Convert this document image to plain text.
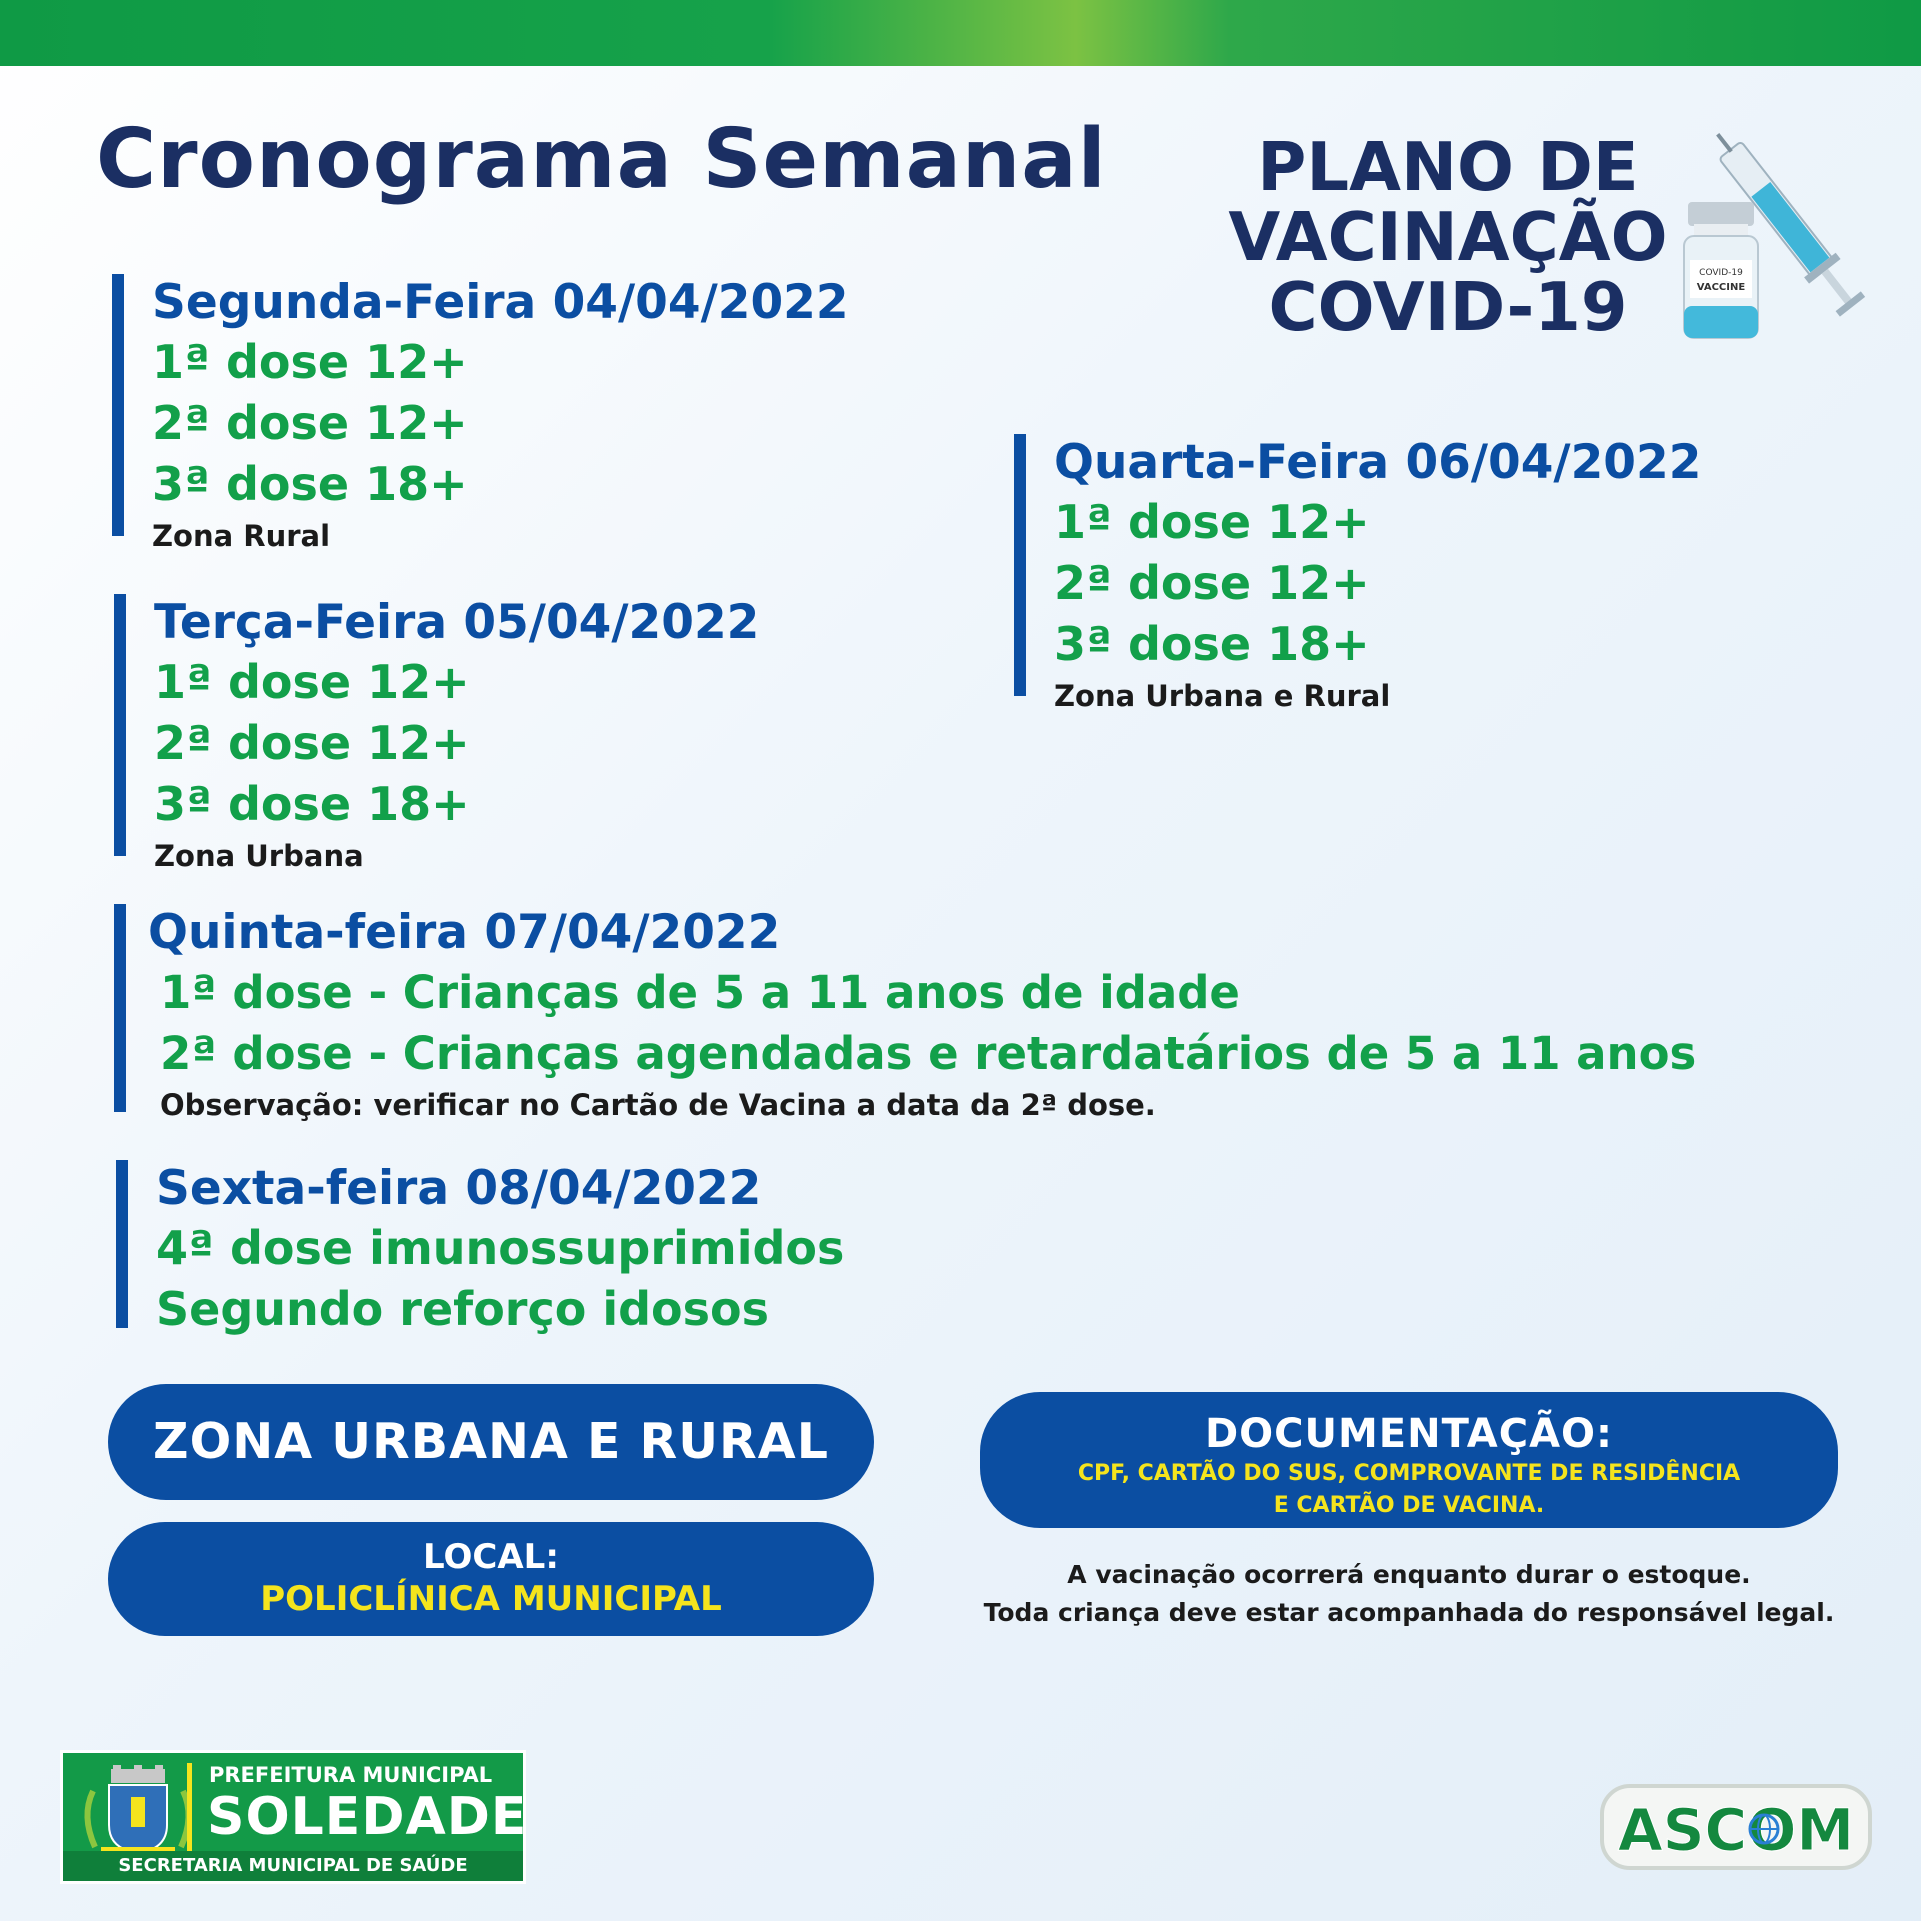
Cronograma Semanal	PLANO DE
VACINAÇÃO
COVID-19	COVID-19
VACCINE
Segunda-Feira 04/04/2022
1ª dose 12+
2ª dose 12+
3ª dose 18+
Zona Rural
Terça-Feira 05/04/2022
1ª dose 12+
2ª dose 12+
3ª dose 18+
Zona Urbana
Quarta-Feira 06/04/2022
1ª dose 12+
2ª dose 12+
3ª dose 18+
Zona Urbana e Rural
Quinta-feira 07/04/2022
1ª dose - Crianças de 5 a 11 anos de idade
2ª dose - Crianças agendadas e retardatários de 5 a 11 anos
Observação: verificar no Cartão de Vacina a data da 2ª dose.
Sexta-feira 08/04/2022
4ª dose imunossuprimidos
Segundo reforço idosos
ZONA URBANA E RURAL
LOCAL:
POLICLÍNICA MUNICIPAL
DOCUMENTAÇÃO:
CPF, CARTÃO DO SUS, COMPROVANTE DE RESIDÊNCIA
E CARTÃO DE VACINA.
A vacinação ocorrerá enquanto durar o estoque.
Toda criança deve estar acompanhada do responsável legal.
PREFEITURA MUNICIPAL
SOLEDADE
SECRETARIA MUNICIPAL DE SAÚDE
ASCOM
